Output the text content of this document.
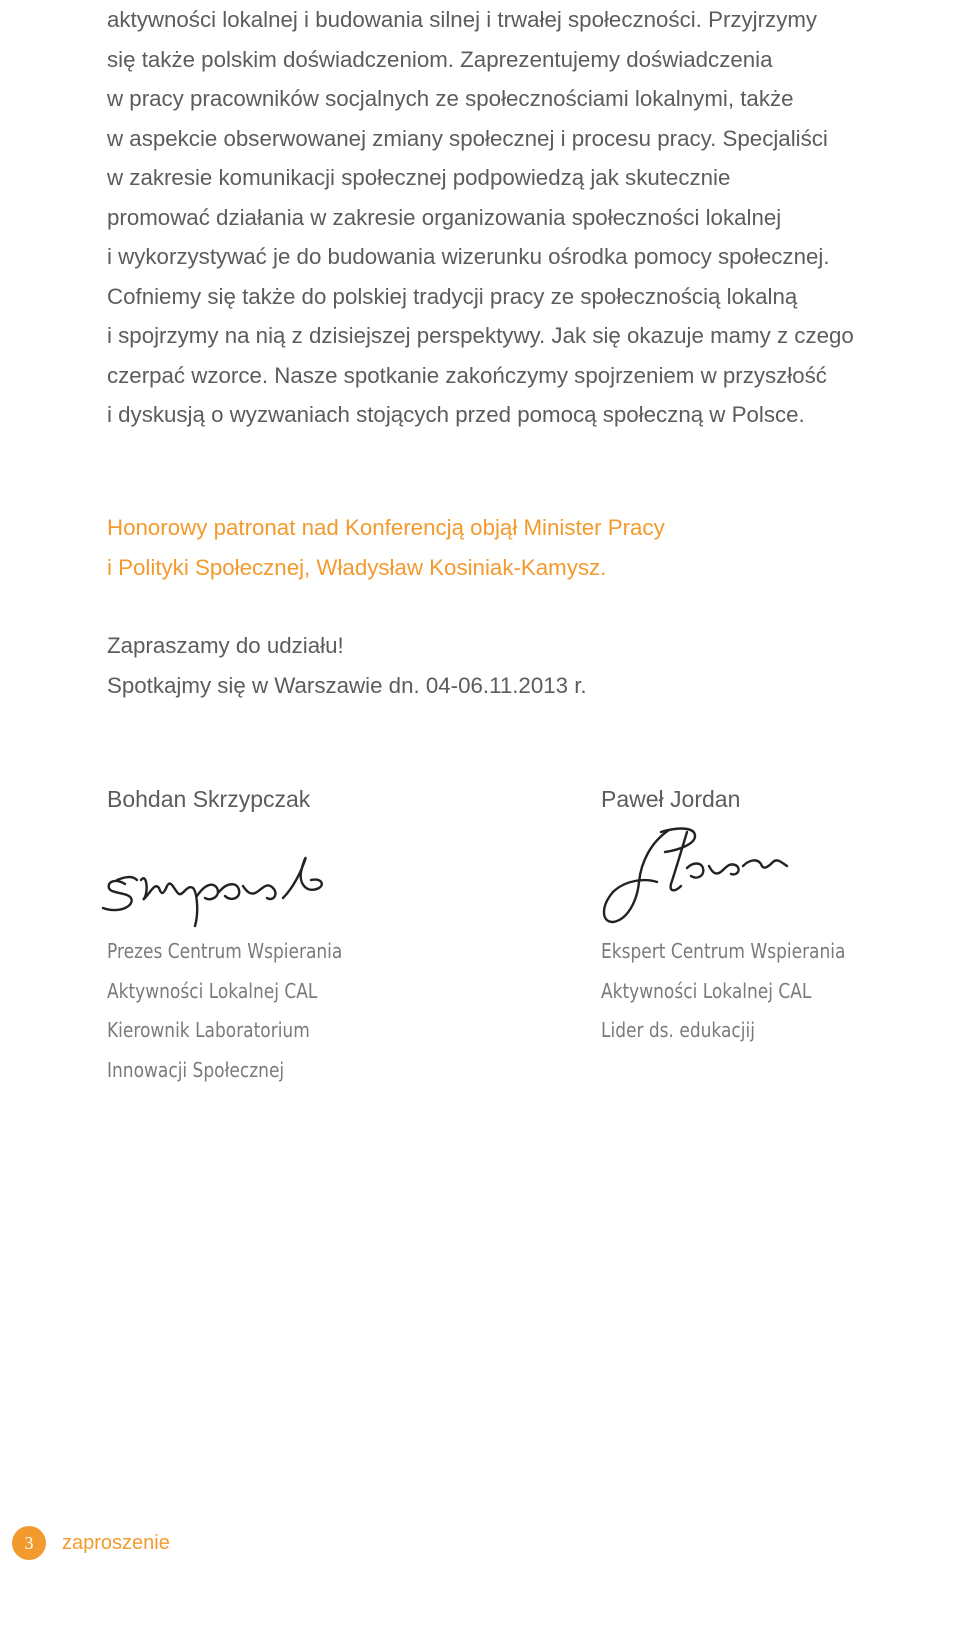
aktywności lokalnej i budowania silnej i trwałej społeczności. Przyjrzymy
się także polskim doświadczeniom. Zaprezentujemy doświadczenia
w pracy pracowników socjalnych ze społecznościami lokalnymi, także
w aspekcie obserwowanej zmiany społecznej i procesu pracy. Specjaliści
w zakresie komunikacji społecznej podpowiedzą jak skutecznie
promować działania w zakresie organizowania społeczności lokalnej
i wykorzystywać je do budowania wizerunku ośrodka pomocy społecznej.
Cofniemy się także do polskiej tradycji pracy ze społecznością lokalną
i spojrzymy na nią z dzisiejszej perspektywy. Jak się okazuje mamy z czego
czerpać wzorce. Nasze spotkanie zakończymy spojrzeniem w przyszłość
i dyskusją o wyzwaniach stojących przed pomocą społeczną w Polsce.
Honorowy patronat nad Konferencją objął Minister Pracy
i Polityki Społecznej, Władysław Kosiniak-Kamysz.
Zapraszamy do udziału!
Spotkajmy się w Warszawie dn. 04-06.11.2013 r.
Bohdan Skrzypczak
Prezes Centrum Wspierania
Aktywności Lokalnej CAL
Kierownik Laboratorium
Innowacji Społecznej
Paweł Jordan
Ekspert Centrum Wspierania
Aktywności Lokalnej CAL
Lider ds. edukacjij
3	zaproszenie
